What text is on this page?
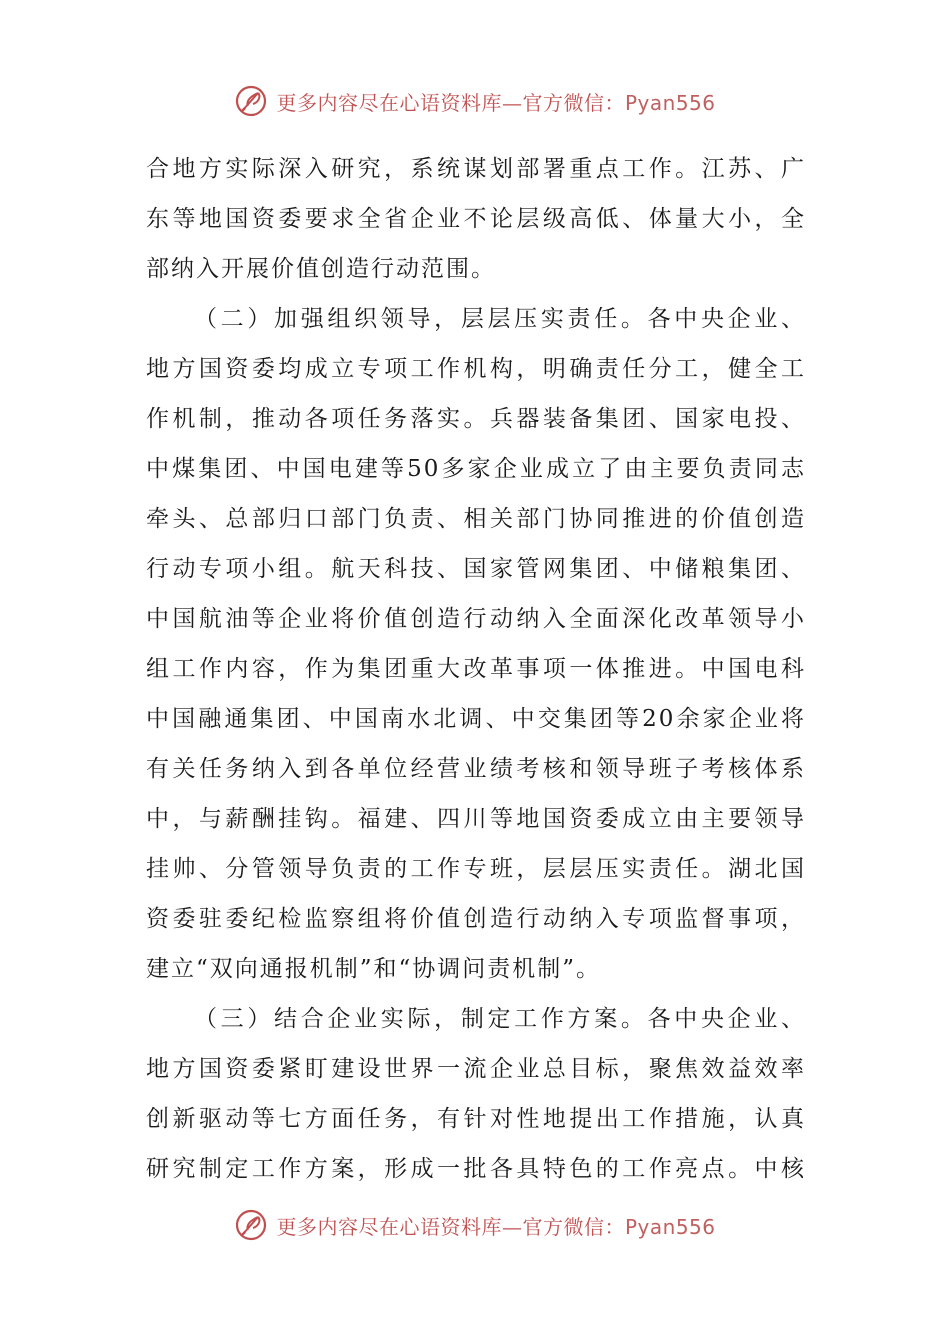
更多内容尽在心语资料库—官方微信：Pyan556
合地方实际深入研究，系统谋划部署重点工作。江苏、广
东等地国资委要求全省企业不论层级高低、体量大小，全
部纳入开展价值创造行动范围。
（二）加强组织领导，层层压实责任。各中央企业、
地方国资委均成立专项工作机构，明确责任分工，健全工
作机制，推动各项任务落实。兵器装备集团、国家电投、
中煤集团、中国电建等50多家企业成立了由主要负责同志
牵头、总部归口部门负责、相关部门协同推进的价值创造
行动专项小组。航天科技、国家管网集团、中储粮集团、
中国航油等企业将价值创造行动纳入全面深化改革领导小
组工作内容，作为集团重大改革事项一体推进。中国电科
中国融通集团、中国南水北调、中交集团等20余家企业将
有关任务纳入到各单位经营业绩考核和领导班子考核体系
中，与薪酬挂钩。福建、四川等地国资委成立由主要领导
挂帅、分管领导负责的工作专班，层层压实责任。湖北国
资委驻委纪检监察组将价值创造行动纳入专项监督事项，
建立“双向通报机制”和“协调问责机制”。
（三）结合企业实际，制定工作方案。各中央企业、
地方国资委紧盯建设世界一流企业总目标，聚焦效益效率
创新驱动等七方面任务，有针对性地提出工作措施，认真
研究制定工作方案，形成一批各具特色的工作亮点。中核
更多内容尽在心语资料库—官方微信：Pyan556
